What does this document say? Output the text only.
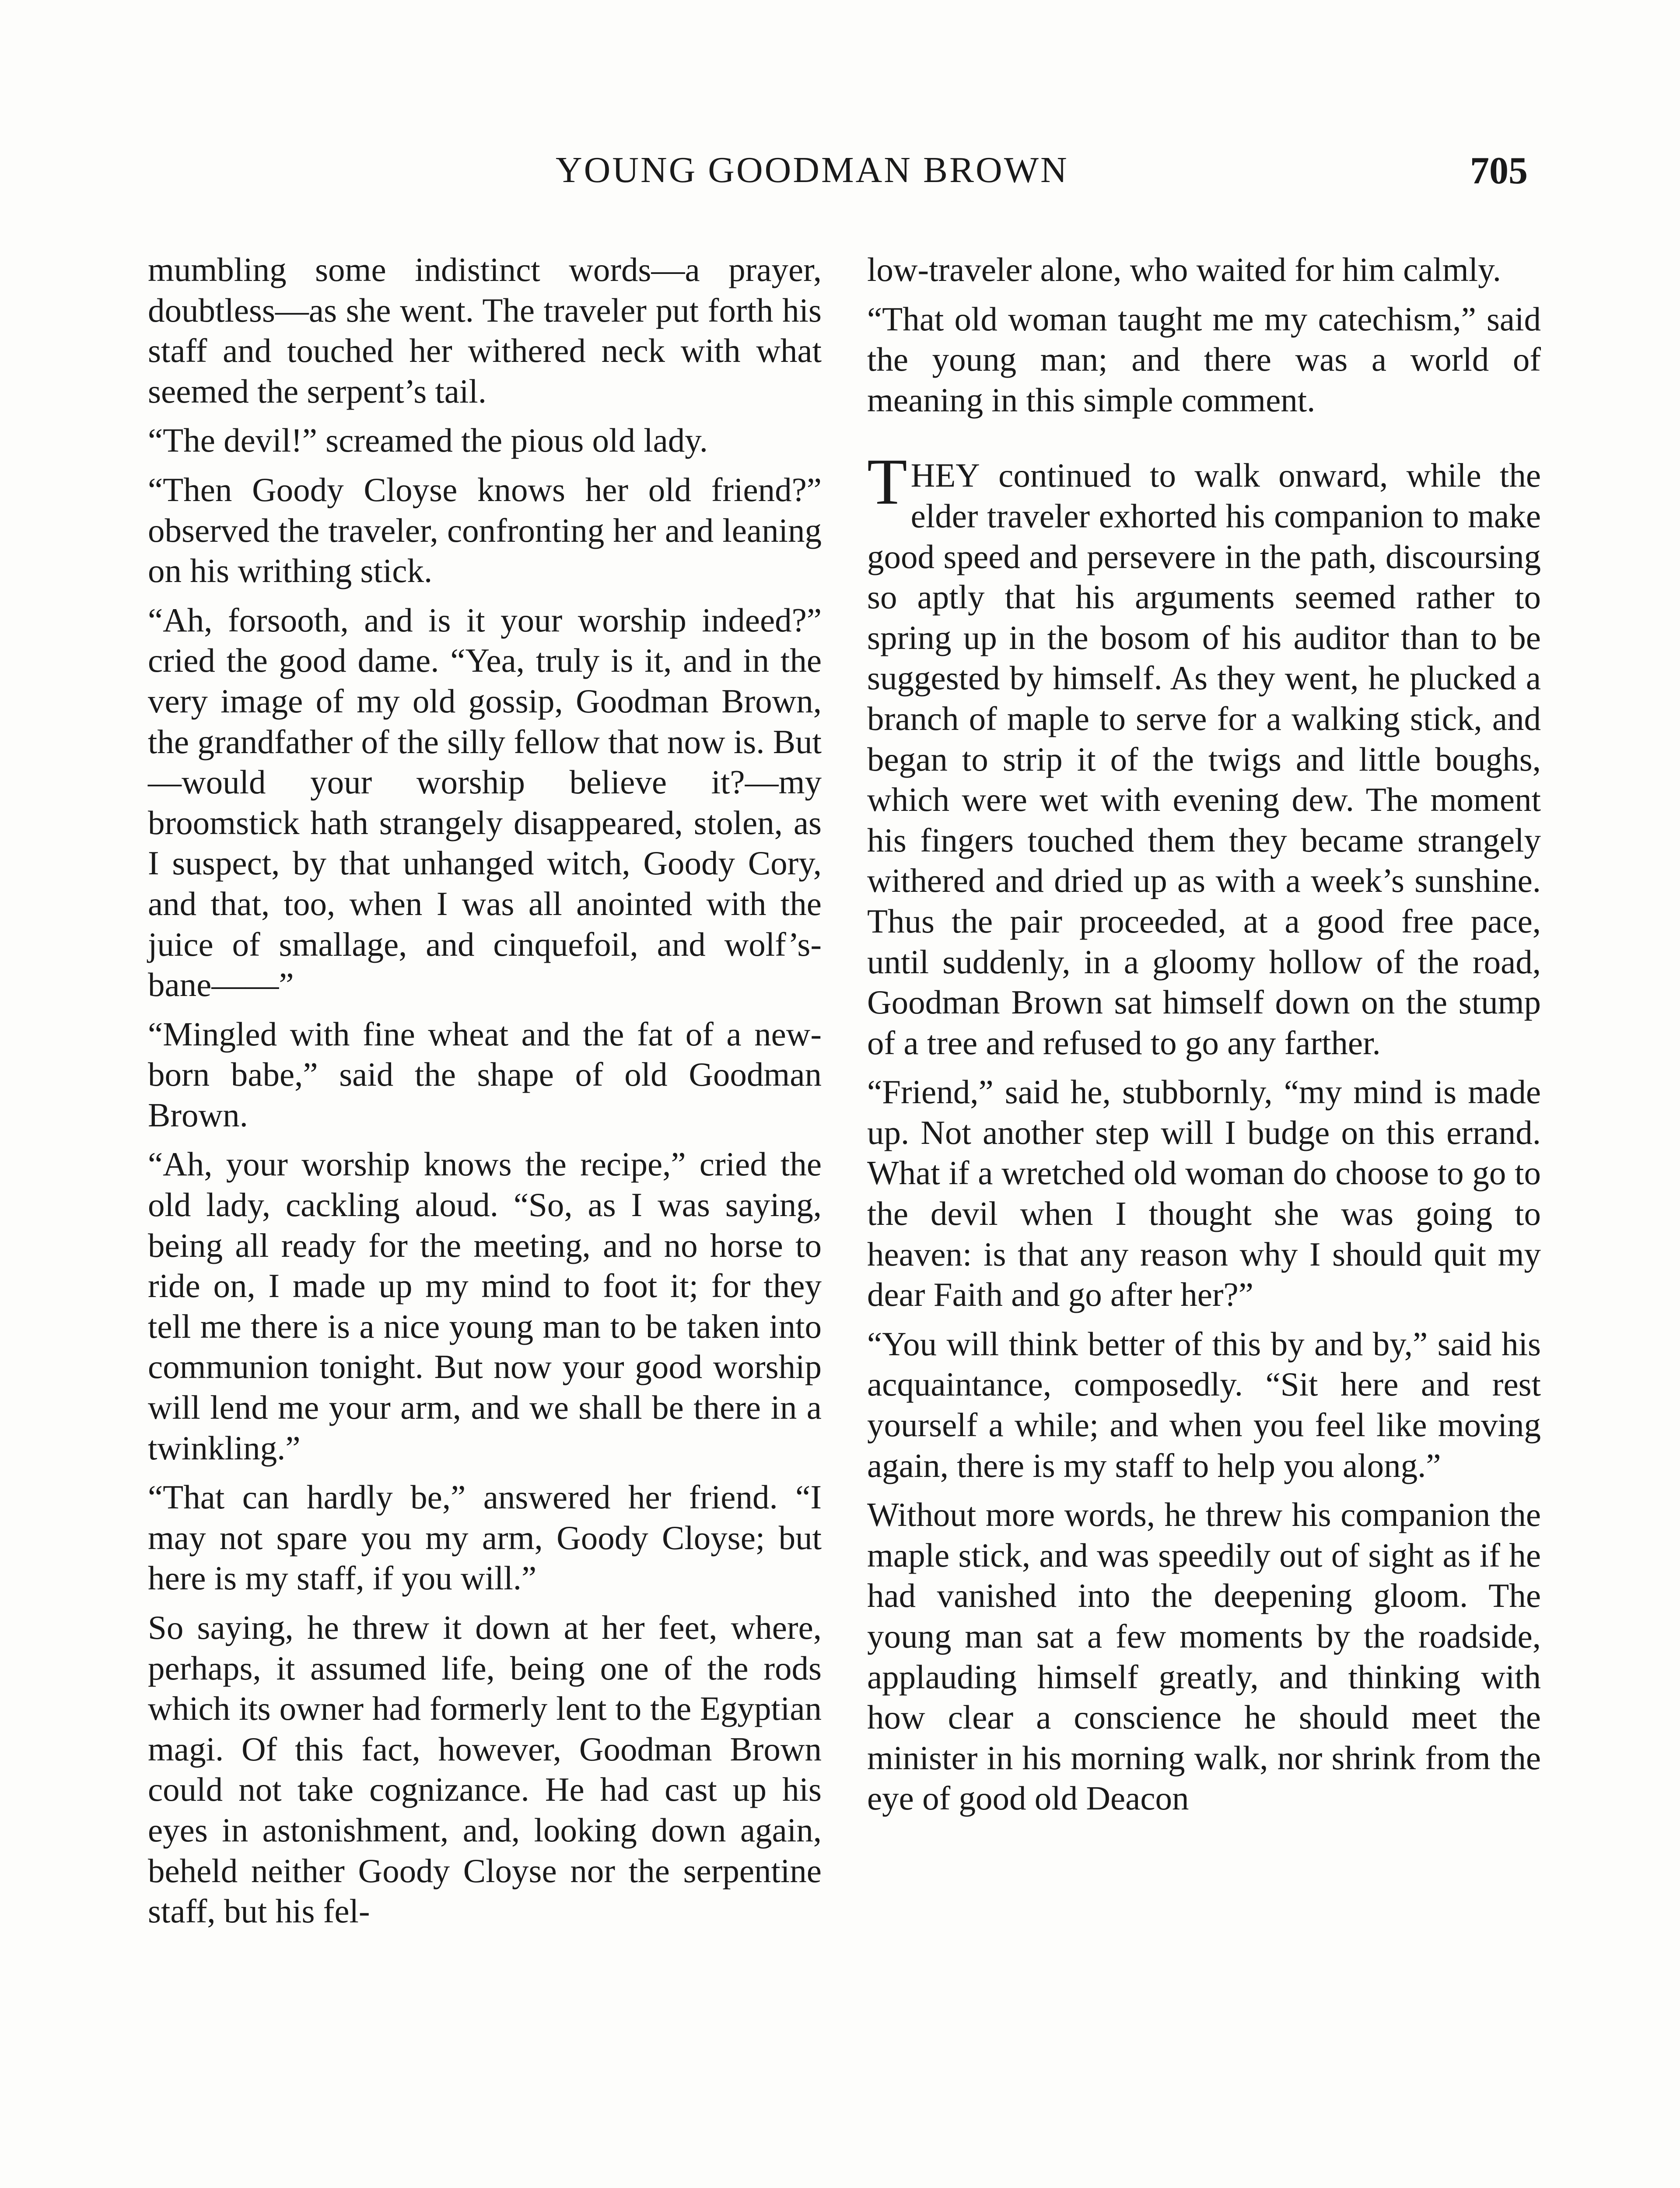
YOUNG GOODMAN BROWN	705

mumbling some indistinct words—a prayer, doubtless—as she went. The traveler put forth his staff and touched her withered neck with what seemed the serpent’s tail.

“The devil!” screamed the pious old lady.

“Then Goody Cloyse knows her old friend?” observed the traveler, confronting her and leaning on his writhing stick.

“Ah, forsooth, and is it your worship indeed?” cried the good dame. “Yea, truly is it, and in the very image of my old gossip, Goodman Brown, the grandfather of the silly fellow that now is. But—would your worship believe it?—my broomstick hath strangely disappeared, stolen, as I suspect, by that unhanged witch, Goody Cory, and that, too, when I was all anointed with the juice of smallage, and cinquefoil, and wolf’s-bane——”

“Mingled with fine wheat and the fat of a new-born babe,” said the shape of old Goodman Brown.

“Ah, your worship knows the recipe,” cried the old lady, cackling aloud. “So, as I was saying, being all ready for the meeting, and no horse to ride on, I made up my mind to foot it; for they tell me there is a nice young man to be taken into communion tonight. But now your good worship will lend me your arm, and we shall be there in a twinkling.”

“That can hardly be,” answered her friend. “I may not spare you my arm, Goody Cloyse; but here is my staff, if you will.”

So saying, he threw it down at her feet, where, perhaps, it assumed life, being one of the rods which its owner had formerly lent to the Egyptian magi. Of this fact, however, Goodman Brown could not take cognizance. He had cast up his eyes in astonishment, and, looking down again, beheld neither Goody Cloyse nor the serpentine staff, but his fel-

low-traveler alone, who waited for him calmly.

“That old woman taught me my catechism,” said the young man; and there was a world of meaning in this simple comment.

THEY continued to walk onward, while the elder traveler exhorted his companion to make good speed and persevere in the path, discoursing so aptly that his arguments seemed rather to spring up in the bosom of his auditor than to be suggested by himself. As they went, he plucked a branch of maple to serve for a walking stick, and began to strip it of the twigs and little boughs, which were wet with evening dew. The moment his fingers touched them they became strangely withered and dried up as with a week’s sunshine. Thus the pair proceeded, at a good free pace, until suddenly, in a gloomy hollow of the road, Goodman Brown sat himself down on the stump of a tree and refused to go any farther.

“Friend,” said he, stubbornly, “my mind is made up. Not another step will I budge on this errand. What if a wretched old woman do choose to go to the devil when I thought she was going to heaven: is that any reason why I should quit my dear Faith and go after her?”

“You will think better of this by and by,” said his acquaintance, composedly. “Sit here and rest yourself a while; and when you feel like moving again, there is my staff to help you along.”

Without more words, he threw his companion the maple stick, and was speedily out of sight as if he had vanished into the deepening gloom. The young man sat a few moments by the roadside, applauding himself greatly, and thinking with how clear a conscience he should meet the minister in his morning walk, nor shrink from the eye of good old Deacon
